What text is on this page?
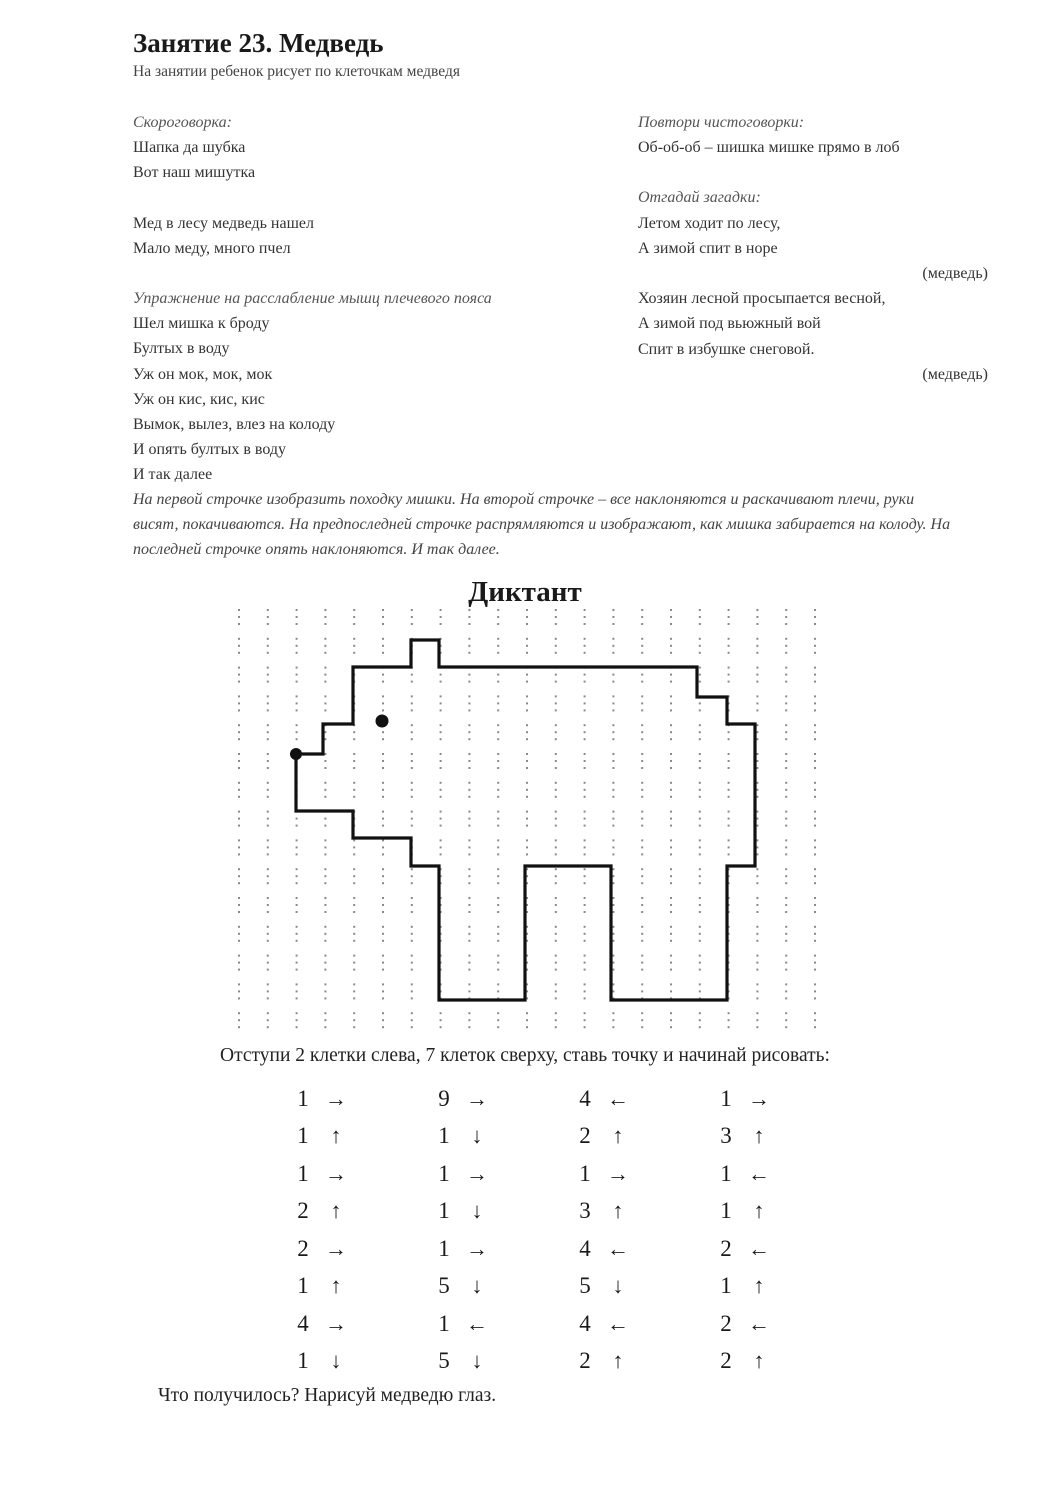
Занятие 23. Медведь
На занятии ребенок рисует по клеточкам медведя
Скороговорка:
Шапка да шубка
Вот наш мишутка
Мед в лесу медведь нашел
Мало меду, много пчел
Упражнение на расслабление мышц плечевого пояса
Шел мишка к броду
Бултых в воду
Уж он мок, мок, мок
Уж он кис, кис, кис
Вымок, вылез, влез на колоду
И опять бултых в воду
И так далее
Повтори чистоговорки:
Об-об-об – шишка мишке прямо в лоб
Отгадай загадки:
Летом ходит по лесу,
А зимой спит в норе
(медведь)
Хозяин лесной просыпается весной,
А зимой под вьюжный вой
Спит в избушке снеговой.
(медведь)
На первой строчке изобразить походку мишки. На второй строчке – все наклоняются и раскачивают плечи, руки висят, покачиваются. На предпоследней строчке распрямляются и изображают, как мишка забирается на колоду. На последней строчке опять наклоняются. И так далее.
Диктант
Отступи 2 клетки слева, 7 клеток сверху, ставь точку и начинай рисовать:
1 →
1 ↑
1 →
2 ↑
2 →
1 ↑
4 →
1 ↓
9 →
1 ↓
1 →
1 ↓
1 →
5 ↓
1 ←
5 ↓
4 ←
2 ↑
1 →
3 ↑
4 ←
5 ↓
4 ←
2 ↑
1 →
3 ↑
1 ←
1 ↑
2 ←
1 ↑
2 ←
2 ↑
Что получилось? Нарисуй медведю глаз.
